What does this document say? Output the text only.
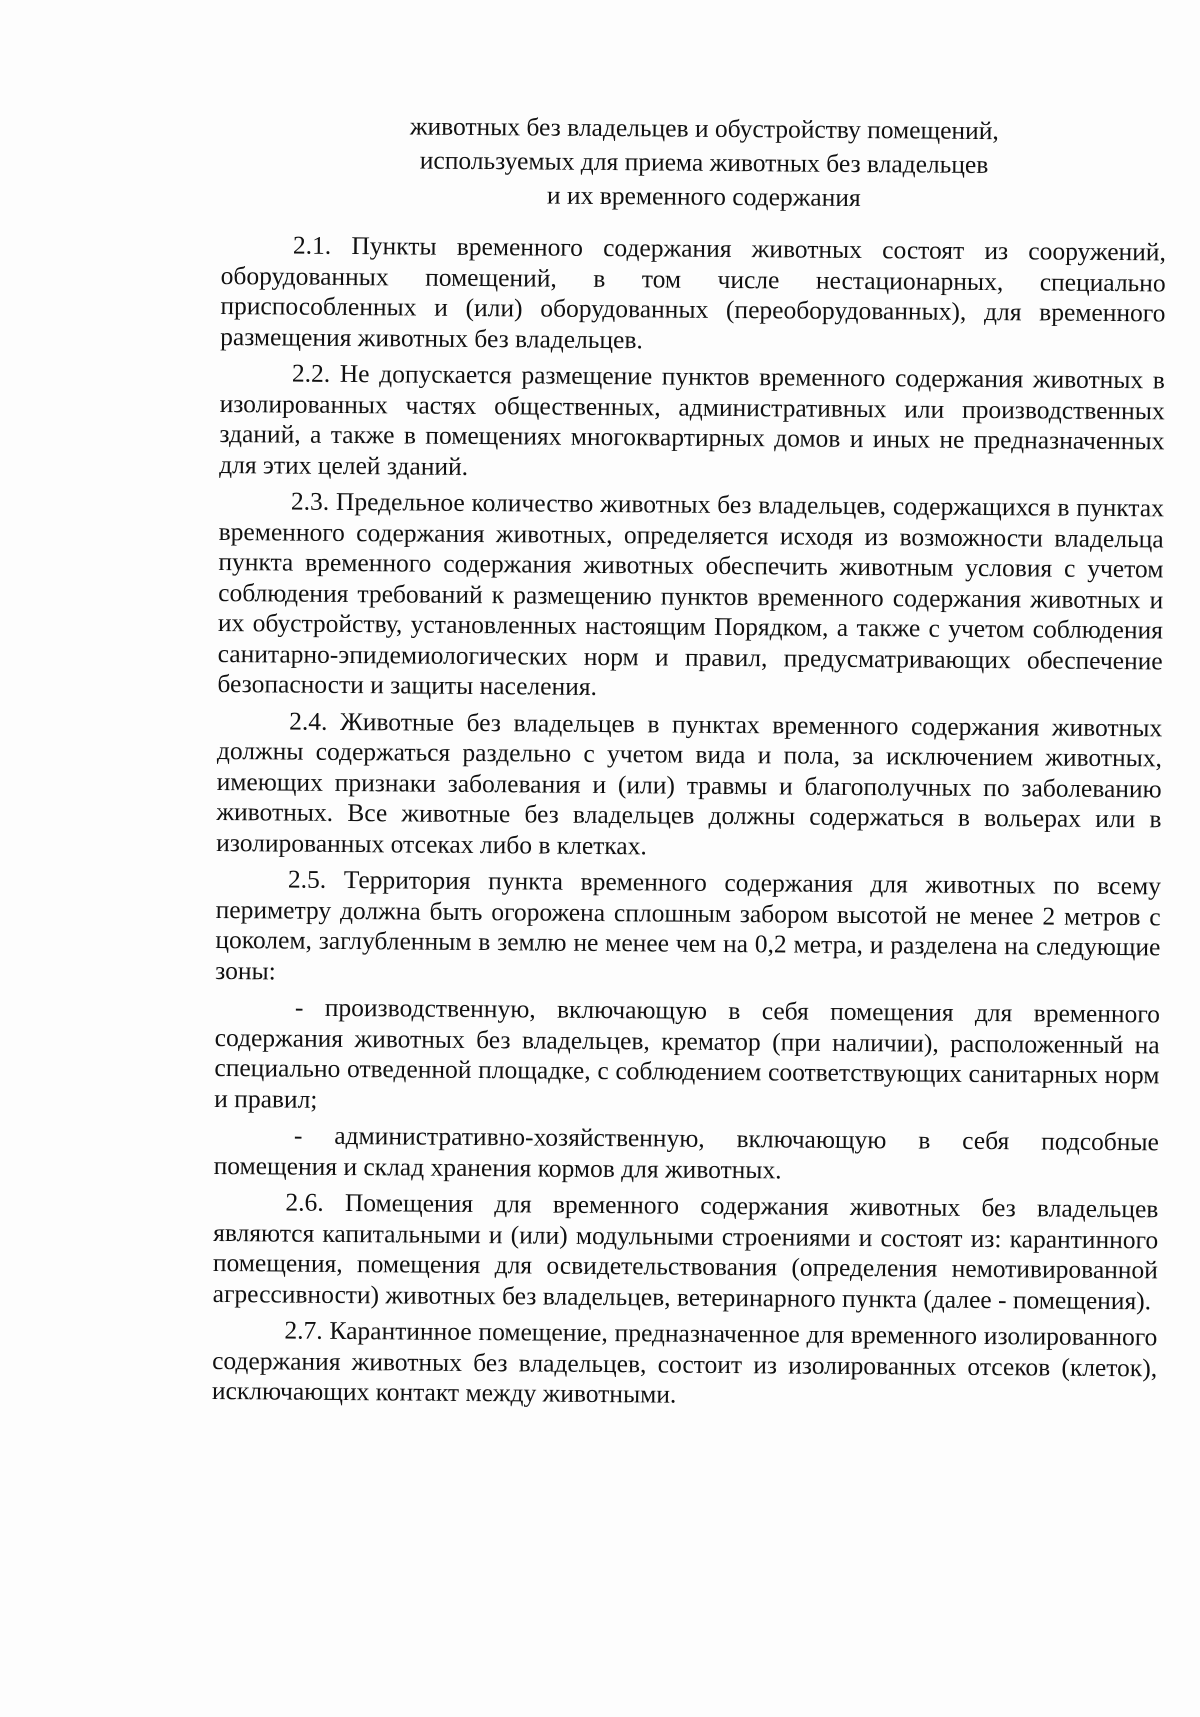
животных без владельцев и обустройству помещений,
используемых для приема животных без владельцев
и их временного содержания

2.1. Пункты временного содержания животных состоят из сооружений, оборудованных помещений, в том числе нестационарных, специально приспособленных и (или) оборудованных (переоборудованных), для временного размещения животных без владельцев.

2.2. Не допускается размещение пунктов временного содержания животных в изолированных частях общественных, административных или производственных зданий, а также в помещениях многоквартирных домов и иных не предназначенных для этих целей зданий.

2.3. Предельное количество животных без владельцев, содержащихся в пунктах временного содержания животных, определяется исходя из возможности владельца пункта временного содержания животных обеспечить животным условия с учетом соблюдения требований к размещению пунктов временного содержания животных и их обустройству, установленных настоящим Порядком, а также с учетом соблюдения санитарно-эпидемиологических норм и правил, предусматривающих обеспечение безопасности и защиты населения.

2.4. Животные без владельцев в пунктах временного содержания животных должны содержаться раздельно с учетом вида и пола, за исключением животных, имеющих признаки заболевания и (или) травмы и благополучных по заболеванию животных. Все животные без владельцев должны содержаться в вольерах или в изолированных отсеках либо в клетках.

2.5. Территория пункта временного содержания для животных по всему периметру должна быть огорожена сплошным забором высотой не менее 2 метров с цоколем, заглубленным в землю не менее чем на 0,2 метра, и разделена на следующие зоны:

- производственную, включающую в себя помещения для временного содержания животных без владельцев, крематор (при наличии), расположенный на специально отведенной площадке, с соблюдением соответствующих санитарных норм и правил;

- административно-хозяйственную, включающую в себя подсобные помещения и склад хранения кормов для животных.

2.6. Помещения для временного содержания животных без владельцев являются капитальными и (или) модульными строениями и состоят из: карантинного помещения, помещения для освидетельствования (определения немотивированной агрессивности) животных без владельцев, ветеринарного пункта (далее - помещения).

2.7. Карантинное помещение, предназначенное для временного изолированного содержания животных без владельцев, состоит из изолированных отсеков (клеток), исключающих контакт между животными.
